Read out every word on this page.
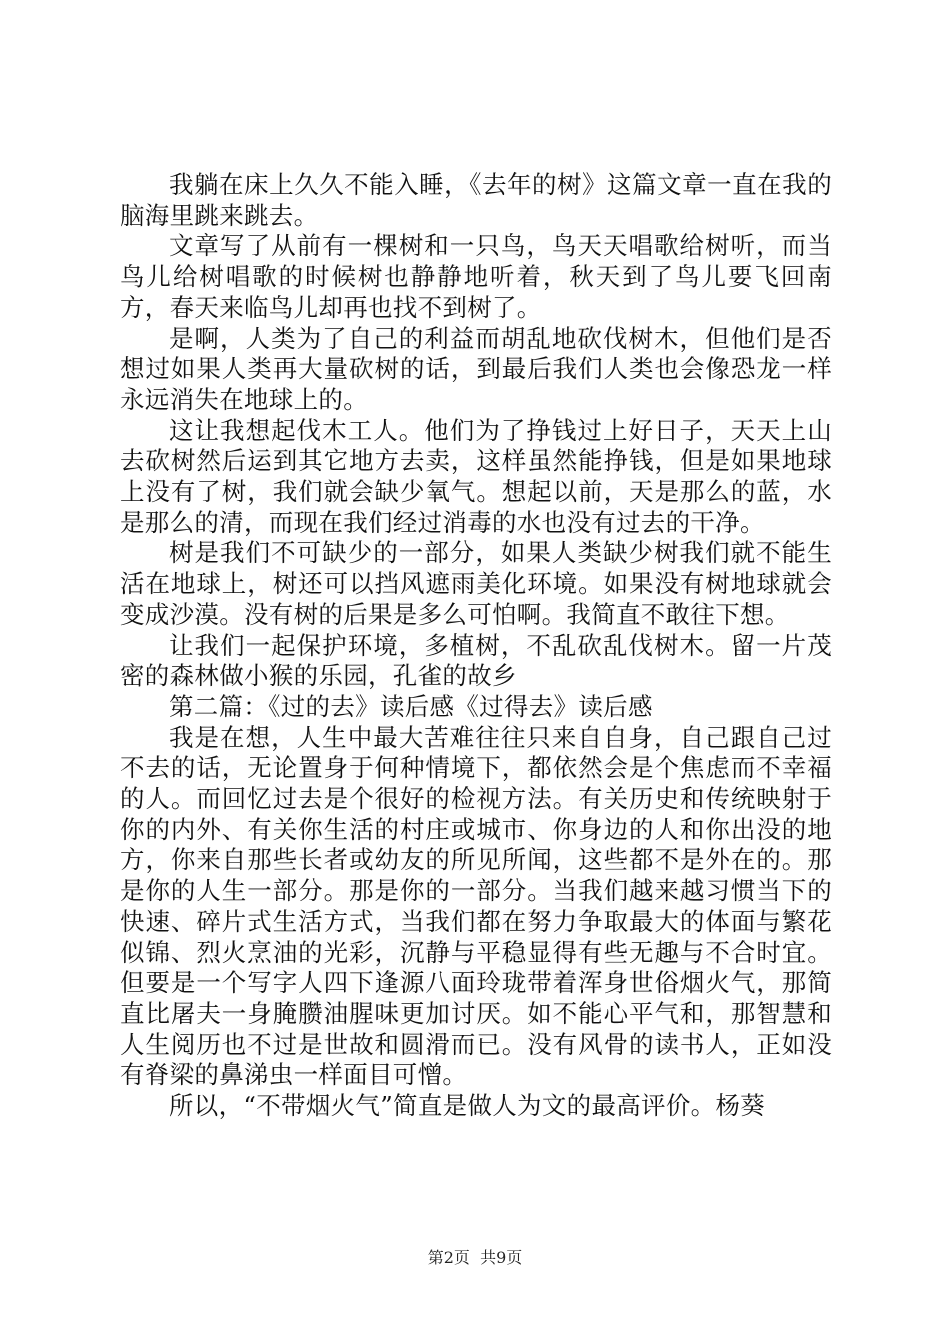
我躺在床上久久不能入睡，《去年的树》这篇文章一直在我的脑海里跳来跳去。

文章写了从前有一棵树和一只鸟，鸟天天唱歌给树听，而当鸟儿给树唱歌的时候树也静静地听着，秋天到了鸟儿要飞回南方，春天来临鸟儿却再也找不到树了。

是啊，人类为了自己的利益而胡乱地砍伐树木，但他们是否想过如果人类再大量砍树的话，到最后我们人类也会像恐龙一样永远消失在地球上的。

这让我想起伐木工人。他们为了挣钱过上好日子，天天上山去砍树然后运到其它地方去卖，这样虽然能挣钱，但是如果地球上没有了树，我们就会缺少氧气。想起以前，天是那么的蓝，水是那么的清，而现在我们经过消毒的水也没有过去的干净。

树是我们不可缺少的一部分，如果人类缺少树我们就不能生活在地球上，树还可以挡风遮雨美化环境。如果没有树地球就会变成沙漠。没有树的后果是多么可怕啊。我简直不敢往下想。

让我们一起保护环境，多植树，不乱砍乱伐树木。留一片茂密的森林做小猴的乐园，孔雀的故乡

第二篇：《过的去》读后感《过得去》读后感

我是在想，人生中最大苦难往往只来自自身，自己跟自己过不去的话，无论置身于何种情境下，都依然会是个焦虑而不幸福的人。而回忆过去是个很好的检视方法。有关历史和传统映射于你的内外、有关你生活的村庄或城市、你身边的人和你出没的地方，你来自那些长者或幼友的所见所闻，这些都不是外在的。那是你的人生一部分。那是你的一部分。当我们越来越习惯当下的快速、碎片式生活方式，当我们都在努力争取最大的体面与繁花似锦、烈火烹油的光彩，沉静与平稳显得有些无趣与不合时宜。但要是一个写字人四下逢源八面玲珑带着浑身世俗烟火气，那简直比屠夫一身腌臜油腥味更加讨厌。如不能心平气和，那智慧和人生阅历也不过是世故和圆滑而已。没有风骨的读书人，正如没有脊梁的鼻涕虫一样面目可憎。

所以，“不带烟火气”简直是做人为文的最高评价。杨葵

第2页  共9页
